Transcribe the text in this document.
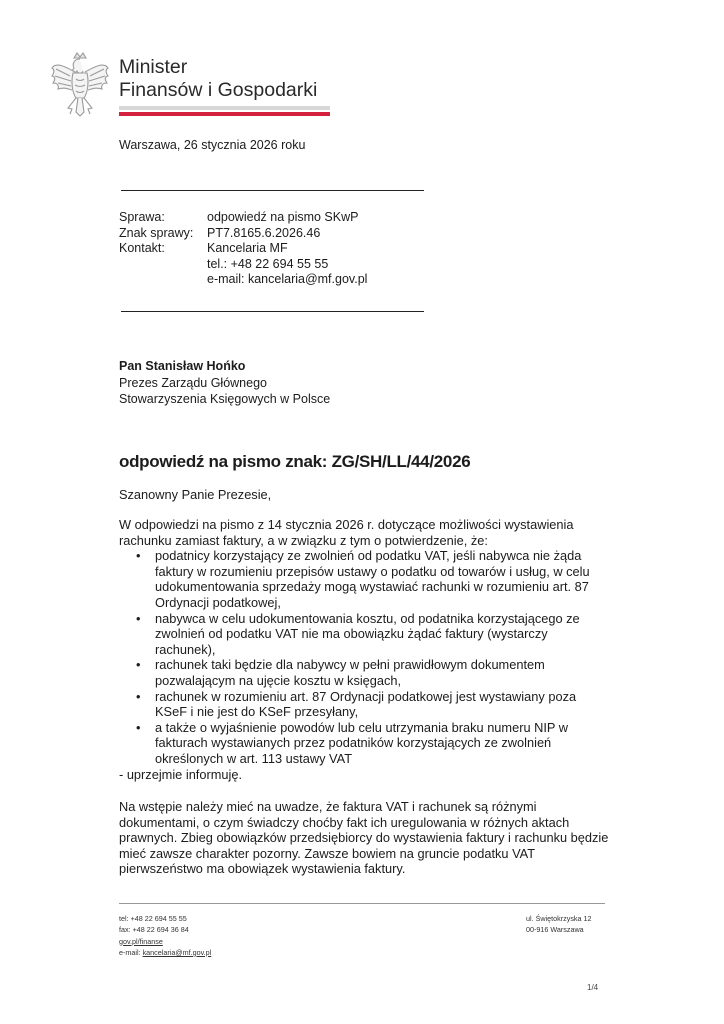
Minister
Finansów i Gospodarki
Warszawa, 26 stycznia 2026 roku
Sprawa:	odpowiedź na pismo SKwP
Znak sprawy:	PT7.8165.6.2026.46
Kontakt:	Kancelaria MF
tel.: +48 22 694 55 55
e-mail: kancelaria@mf.gov.pl
Pan Stanisław Hońko
Prezes Zarządu Głównego
Stowarzyszenia Księgowych w Polsce
odpowiedź na pismo znak: ZG/SH/LL/44/2026
Szanowny Panie Prezesie,

W odpowiedzi na pismo z 14 stycznia 2026 r. dotyczące możliwości wystawienia rachunku zamiast faktury, a w związku z tym o potwierdzenie, że:

• podatnicy korzystający ze zwolnień od podatku VAT, jeśli nabywca nie żąda faktury w rozumieniu przepisów ustawy o podatku od towarów i usług, w celu udokumentowania sprzedaży mogą wystawiać rachunki w rozumieniu art. 87 Ordynacji podatkowej,
• nabywca w celu udokumentowania kosztu, od podatnika korzystającego ze zwolnień od podatku VAT nie ma obowiązku żądać faktury (wystarczy rachunek),
• rachunek taki będzie dla nabywcy w pełni prawidłowym dokumentem pozwalającym na ujęcie kosztu w księgach,
• rachunek w rozumieniu art. 87 Ordynacji podatkowej jest wystawiany poza KSeF i nie jest do KSeF przesyłany,
• a także o wyjaśnienie powodów lub celu utrzymania braku numeru NIP w fakturach wystawianych przez podatników korzystających ze zwolnień określonych w art. 113 ustawy VAT

- uprzejmie informuję.

Na wstępie należy mieć na uwadze, że faktura VAT i rachunek są różnymi dokumentami, o czym świadczy choćby fakt ich uregulowania w różnych aktach prawnych. Zbieg obowiązków przedsiębiorcy do wystawienia faktury i rachunku będzie mieć zawsze charakter pozorny. Zawsze bowiem na gruncie podatku VAT pierwszeństwo ma obowiązek wystawienia faktury.
tel: +48 22 694 55 55
fax: +48 22 694 36 84
gov.pl/finanse
e-mail: kancelaria@mf.gov.pl
ul. Świętokrzyska 12
00-916 Warszawa
1/4
